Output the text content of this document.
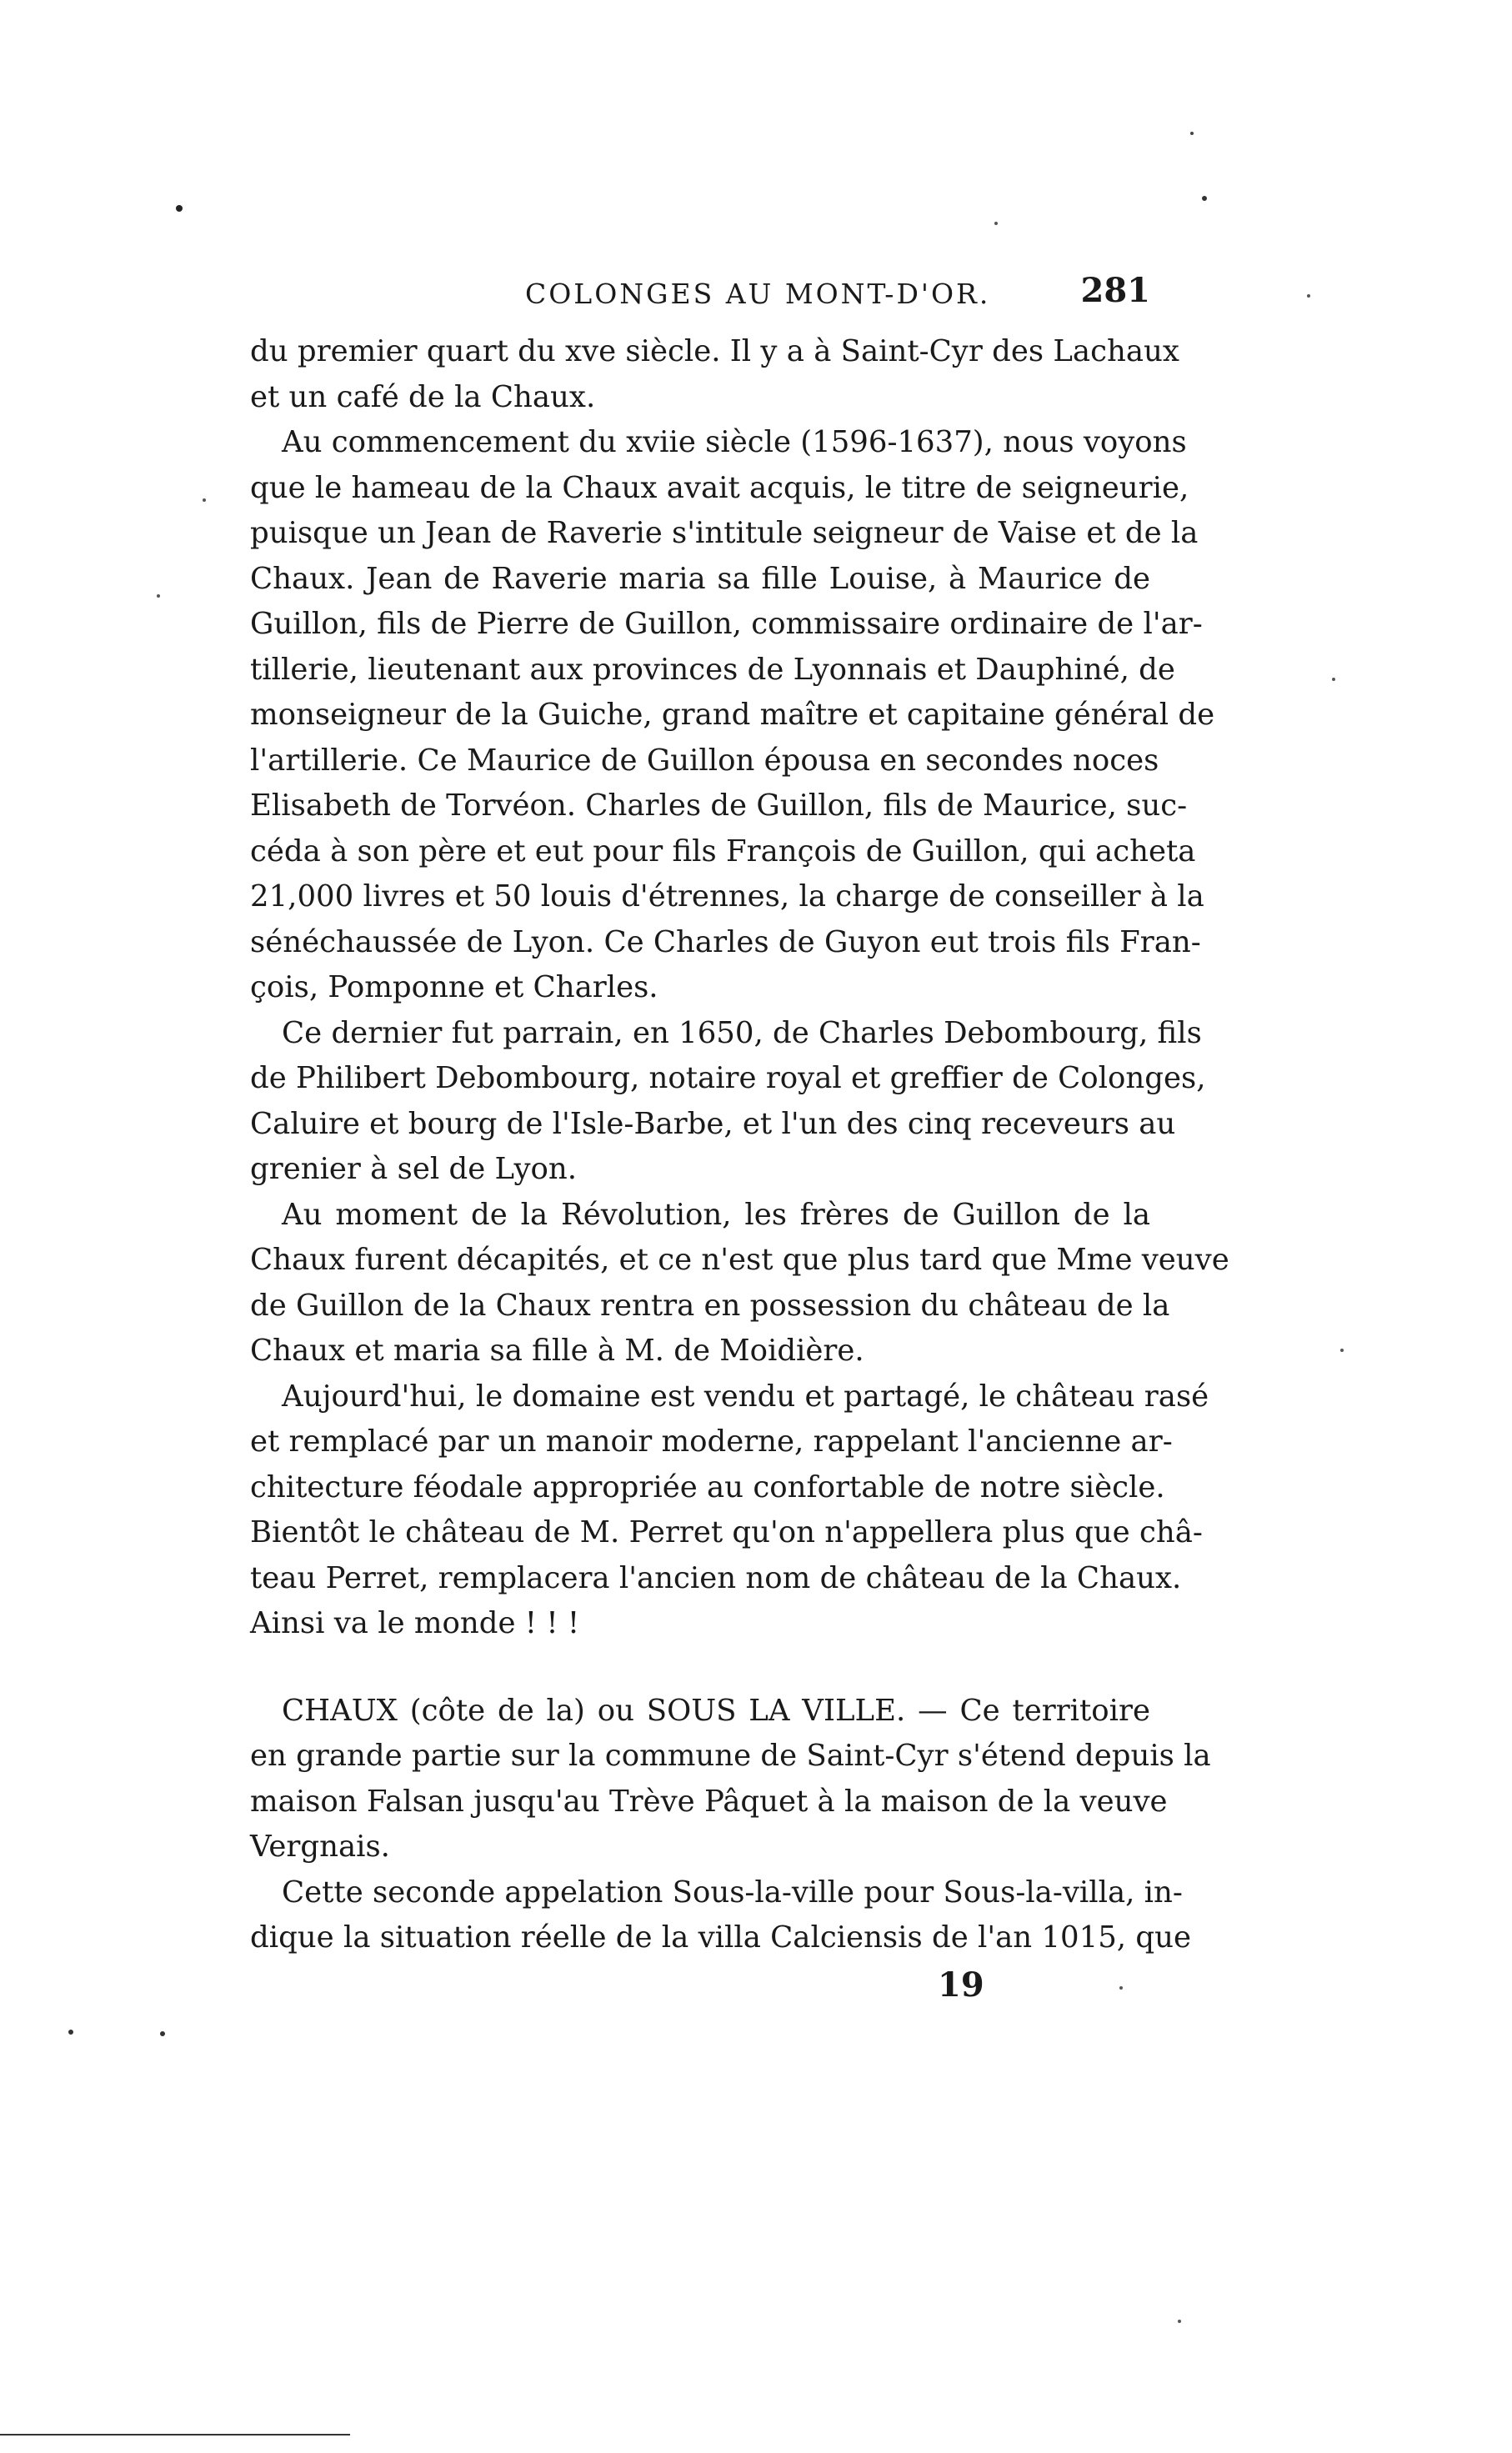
COLONGES AU MONT-D'OR.	281
du premier quart du xve siècle. Il y a à Saint-Cyr des Lachaux
et un café de la Chaux.
Au commencement du xviie siècle (1596-1637), nous voyons
que le hameau de la Chaux avait acquis, le titre de seigneurie,
puisque un Jean de Raverie s'intitule seigneur de Vaise et de la
Chaux. Jean de Raverie maria sa fille Louise, à Maurice de
Guillon, fils de Pierre de Guillon, commissaire ordinaire de l'ar-
tillerie, lieutenant aux provinces de Lyonnais et Dauphiné, de
monseigneur de la Guiche, grand maître et capitaine général de
l'artillerie. Ce Maurice de Guillon épousa en secondes noces
Elisabeth de Torvéon. Charles de Guillon, fils de Maurice, suc-
céda à son père et eut pour fils François de Guillon, qui acheta
21,000 livres et 50 louis d'étrennes, la charge de conseiller à la
sénéchaussée de Lyon. Ce Charles de Guyon eut trois fils Fran-
çois, Pomponne et Charles.
Ce dernier fut parrain, en 1650, de Charles Debombourg, fils
de Philibert Debombourg, notaire royal et greffier de Colonges,
Caluire et bourg de l'Isle-Barbe, et l'un des cinq receveurs au
grenier à sel de Lyon.
Au moment de la Révolution, les frères de Guillon de la
Chaux furent décapités, et ce n'est que plus tard que Mme veuve
de Guillon de la Chaux rentra en possession du château de la
Chaux et maria sa fille à M. de Moidière.
Aujourd'hui, le domaine est vendu et partagé, le château rasé
et remplacé par un manoir moderne, rappelant l'ancienne ar-
chitecture féodale appropriée au confortable de notre siècle.
Bientôt le château de M. Perret qu'on n'appellera plus que châ-
teau Perret, remplacera l'ancien nom de château de la Chaux.
Ainsi va le monde ! ! !
CHAUX (côte de la) ou SOUS LA VILLE. — Ce territoire
en grande partie sur la commune de Saint-Cyr s'étend depuis la
maison Falsan jusqu'au Trève Pâquet à la maison de la veuve
Vergnais.
Cette seconde appelation Sous-la-ville pour Sous-la-villa, in-
dique la situation réelle de la villa Calciensis de l'an 1015, que
19
